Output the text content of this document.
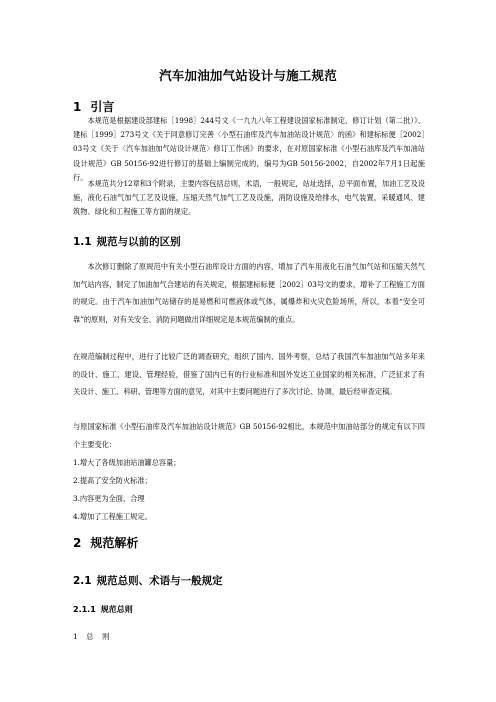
汽车加油加气站设计与施工规范
1 引言
本规范是根据建设部建标［1998］244号文《一九九八年工程建设国家标准制定、修订计划（第二批）》、建标［1999］273号文《关于同意修订完善〈小型石油库及汽车加油站设计规范〉的函》和建标标便［2002］03号文《关于〈汽车加油加气站设计规范〉修订工作函》的要求，在对原国家标准《小型石油库及汽车加油站设计规范》GB 50156-92进行修订的基础上编制完成的，编号为GB 50156-2002，自2002年7月1日起施行。
本规范共分12章和3个附录，主要内容包括总则，术语，一般规定，站址选择，总平面布置，加油工艺及设施，液化石油气加气工艺及设施，压缩天然气加气工艺及设施，消防设施及给排水，电气装置，采暖通风、建筑物、绿化和工程施工等方面的规定。
1.1 规范与以前的区别
本次修订删除了原规范中有关小型石油库设计方面的内容，增加了汽车用液化石油气加气站和压缩天然气加气站内容，制定了加油加气合建站的有关规定，根据建标标便［2002］03号文的要求，增补了工程施工方面的规定。由于汽车加油加气站储存的是易燃和可燃液体或气体，属爆炸和火灾危险场所，所以，本着“安全可靠”的原则，对有关安全、消防问题做出详细规定是本规范编制的重点。
在规范编制过程中，进行了比较广泛的调查研究，组织了国内、国外考察，总结了我国汽车加油加气站多年来的设计、施工、建设、管理经验，借鉴了国内已有的行业标准和国外发达工业国家的相关标准，广泛征求了有关设计、施工、科研、管理等方面的意见，对其中主要问题进行了多次讨论、协调，最后经审查定稿。
与原国家标准《小型石油库及汽车加油站设计规范》GB 50156-92相比，本规范中加油站部分的规定有以下四个主要变化：
1.增大了各级加油站油罐总容量；
2.提高了安全防火标准；
3.内容更为全面、合理
4.增加了工程施工规定。
2 规范解析
2.1 规范总则、术语与一般规定
2.1.1 规范总则
1 总 则
